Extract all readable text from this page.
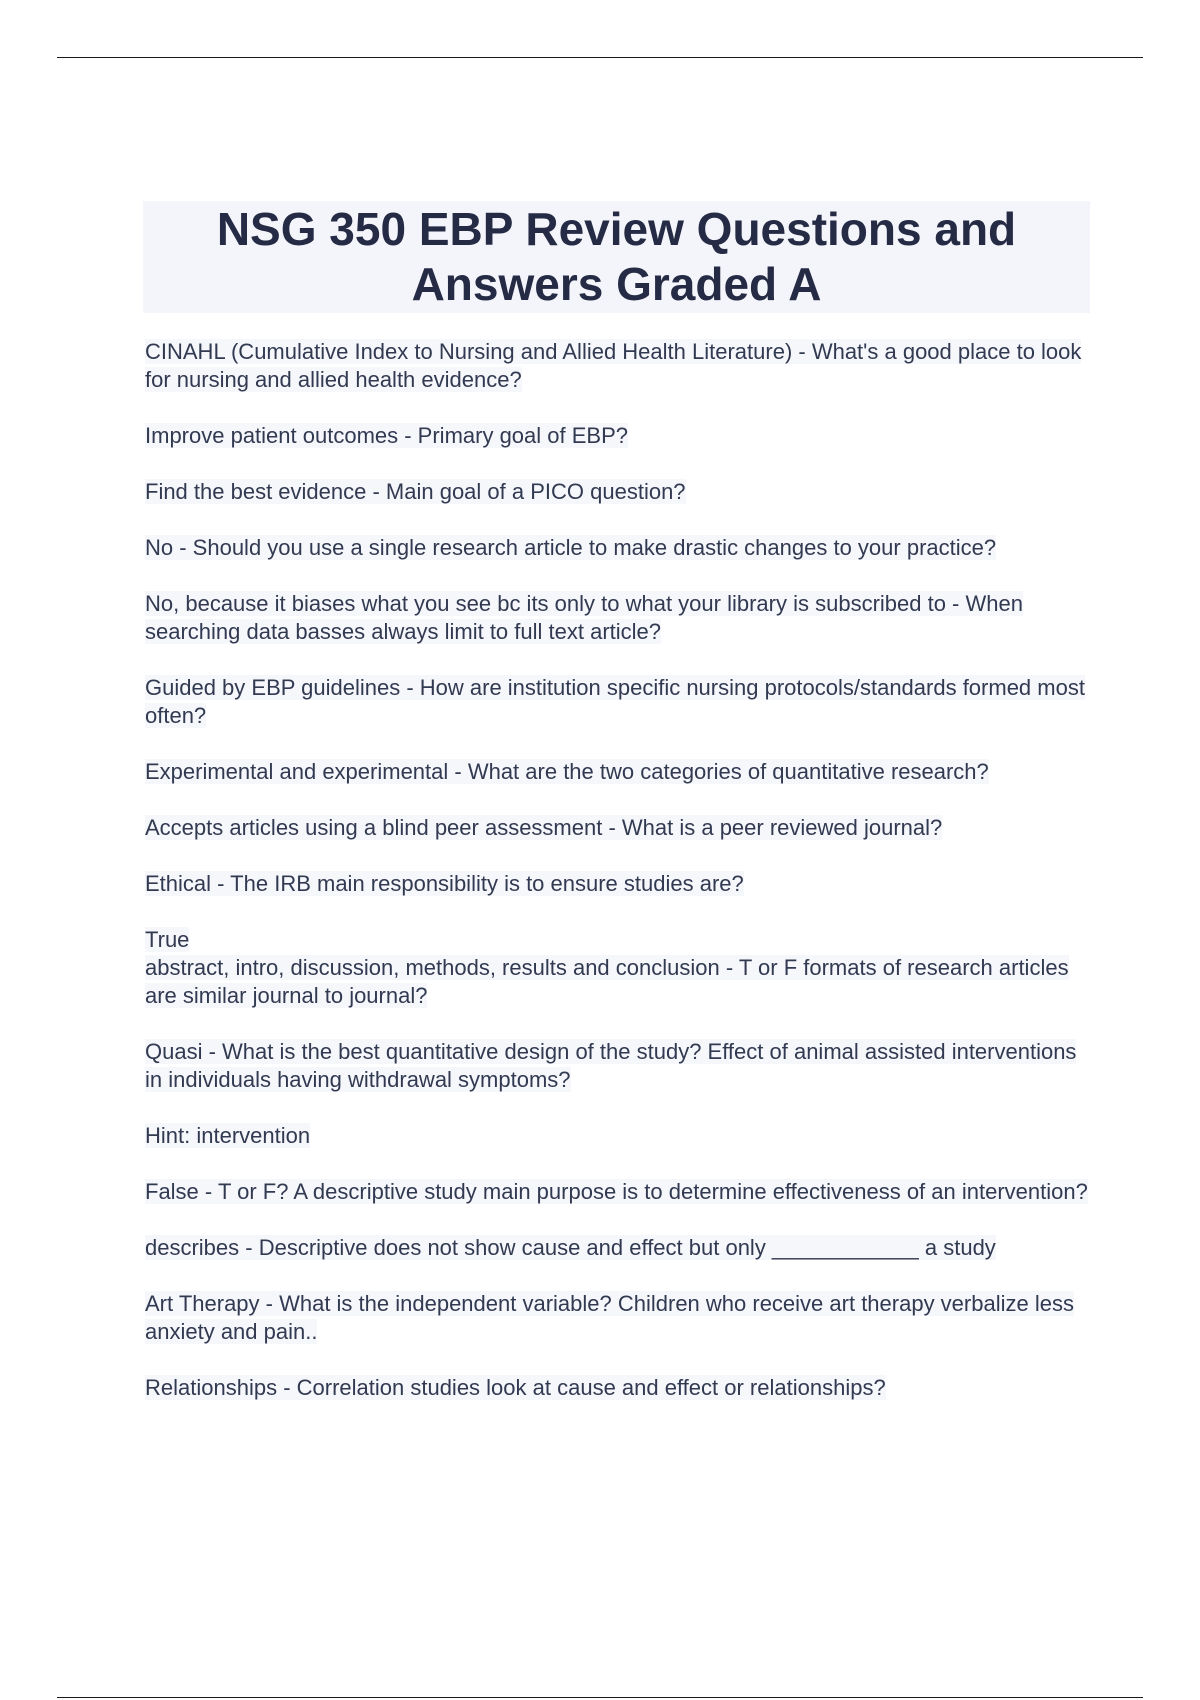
NSG 350 EBP Review Questions and Answers Graded A
CINAHL (Cumulative Index to Nursing and Allied Health Literature) - What's a good place to look for nursing and allied health evidence?
Improve patient outcomes - Primary goal of EBP?
Find the best evidence - Main goal of a PICO question?
No - Should you use a single research article to make drastic changes to your practice?
No, because it biases what you see bc its only to what your library is subscribed to - When searching data basses always limit to full text article?
Guided by EBP guidelines - How are institution specific nursing protocols/standards formed most often?
Experimental and experimental - What are the two categories of quantitative research?
Accepts articles using a blind peer assessment - What is a peer reviewed journal?
Ethical - The IRB main responsibility is to ensure studies are?
True
abstract, intro, discussion, methods, results and conclusion - T or F formats of research articles are similar journal to journal?
Quasi - What is the best quantitative design of the study? Effect of animal assisted interventions in individuals having withdrawal symptoms?
Hint: intervention
False - T or F? A descriptive study main purpose is to determine effectiveness of an intervention?
describes - Descriptive does not show cause and effect but only ____________ a study
Art Therapy - What is the independent variable? Children who receive art therapy verbalize less anxiety and pain..
Relationships - Correlation studies look at cause and effect or relationships?
